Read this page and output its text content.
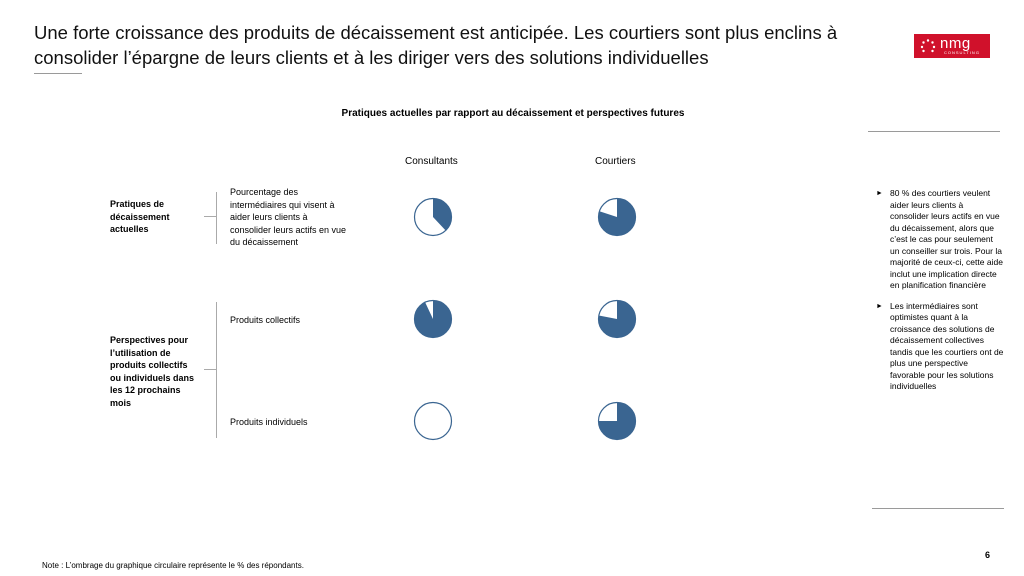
Une forte croissance des produits de décaissement est anticipée. Les courtiers sont plus enclins à consolider l’épargne de leurs clients et à les diriger vers des solutions individuelles
nmg
CONSULTING
Pratiques actuelles par rapport au décaissement et perspectives futures
Consultants	Courtiers
Pratiques de décaissement actuelles
Perspectives pour l’utilisation de produits collectifs ou individuels dans les 12 prochains mois
Pourcentage des intermédiaires qui visent à aider leurs clients à consolider leurs actifs en vue du décaissement
Produits collectifs
Produits individuels
► 80 % des courtiers veulent aider leurs clients à consolider leurs actifs en vue du décaissement, alors que c’est le cas pour seulement un conseiller sur trois. Pour la majorité de ceux-ci, cette aide inclut une implication directe en planification financière
► Les intermédiaires sont optimistes quant à la croissance des solutions de décaissement collectives tandis que les courtiers ont de plus une perspective favorable pour les solutions individuelles
6
Note : L’ombrage du graphique circulaire représente le % des répondants.
